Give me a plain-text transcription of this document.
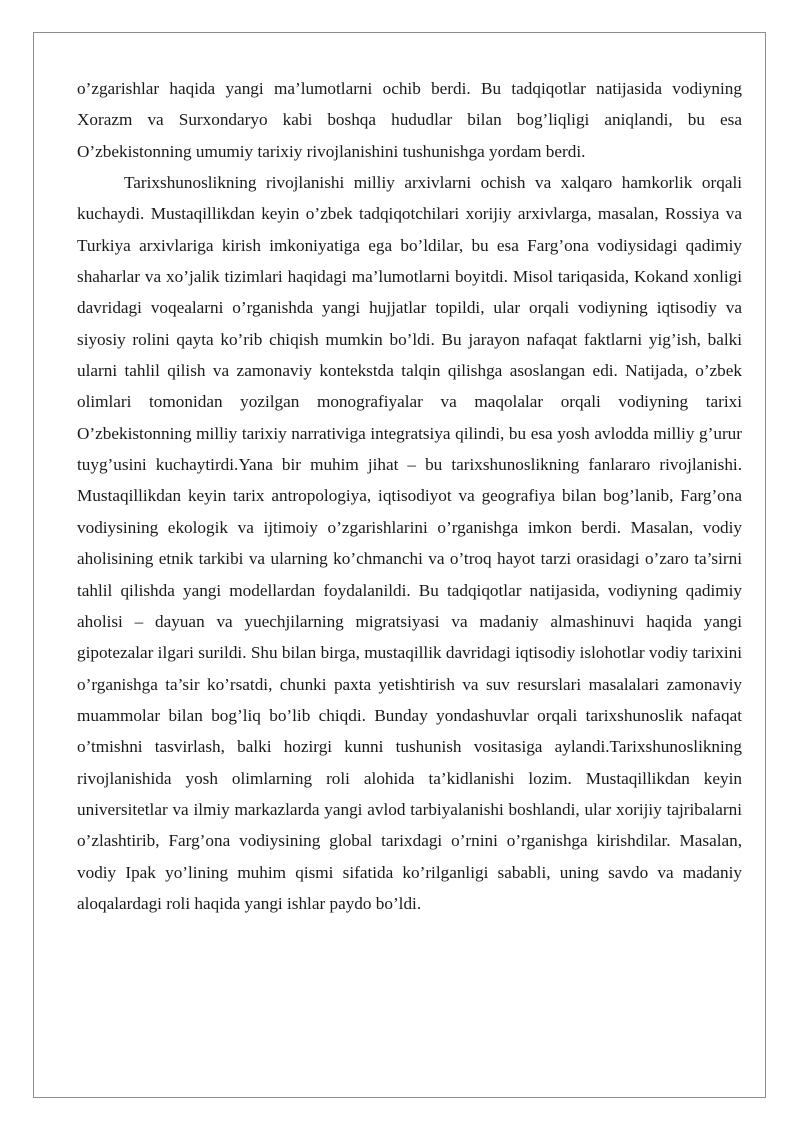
o’zgarishlar haqida yangi ma’lumotlarni ochib berdi. Bu tadqiqotlar natijasida vodiyning Xorazm va Surxondaryo kabi boshqa hududlar bilan bog’liqligi aniqlandi, bu esa O’zbekistonning umumiy tarixiy rivojlanishini tushunishga yordam berdi.

Tarixshunoslikning rivojlanishi milliy arxivlarni ochish va xalqaro hamkorlik orqali kuchaydi. Mustaqillikdan keyin o’zbek tadqiqotchilari xorijiy arxivlarga, masalan, Rossiya va Turkiya arxivlariga kirish imkoniyatiga ega bo’ldilar, bu esa Farg’ona vodiysidagi qadimiy shaharlar va xo’jalik tizimlari haqidagi ma’lumotlarni boyitdi. Misol tariqasida, Kokand xonligi davridagi voqealarni o’rganishda yangi hujjatlar topildi, ular orqali vodiyning iqtisodiy va siyosiy rolini qayta ko’rib chiqish mumkin bo’ldi. Bu jarayon nafaqat faktlarni yig’ish, balki ularni tahlil qilish va zamonaviy kontekstda talqin qilishga asoslangan edi. Natijada, o’zbek olimlari tomonidan yozilgan monografiyalar va maqolalar orqali vodiyning tarixi O’zbekistonning milliy tarixiy narrativiga integratsiya qilindi, bu esa yosh avlodda milliy g’urur tuyg’usini kuchaytirdi.Yana bir muhim jihat – bu tarixshunoslikning fanlararo rivojlanishi. Mustaqillikdan keyin tarix antropologiya, iqtisodiyot va geografiya bilan bog’lanib, Farg’ona vodiysining ekologik va ijtimoiy o’zgarishlarini o’rganishga imkon berdi. Masalan, vodiy aholisining etnik tarkibi va ularning ko’chmanchi va o’troq hayot tarzi orasidagi o’zaro ta’sirni tahlil qilishda yangi modellardan foydalanildi. Bu tadqiqotlar natijasida, vodiyning qadimiy aholisi – dayuan va yuechjilarning migratsiyasi va madaniy almashinuvi haqida yangi gipotezalar ilgari surildi. Shu bilan birga, mustaqillik davridagi iqtisodiy islohotlar vodiy tarixini o’rganishga ta’sir ko’rsatdi, chunki paxta yetishtirish va suv resurslari masalalari zamonaviy muammolar bilan bog’liq bo’lib chiqdi. Bunday yondashuvlar orqali tarixshunoslik nafaqat o’tmishni tasvirlash, balki hozirgi kunni tushunish vositasiga aylandi.Tarixshunoslikning rivojlanishida yosh olimlarning roli alohida ta’kidlanishi lozim. Mustaqillikdan keyin universitetlar va ilmiy markazlarda yangi avlod tarbiyalanishi boshlandi, ular xorijiy tajribalarni o’zlashtirib, Farg’ona vodiysining global tarixdagi o’rnini o’rganishga kirishdilar. Masalan, vodiy Ipak yo’lining muhim qismi sifatida ko’rilganligi sababli, uning savdo va madaniy aloqalardagi roli haqida yangi ishlar paydo bo’ldi.
